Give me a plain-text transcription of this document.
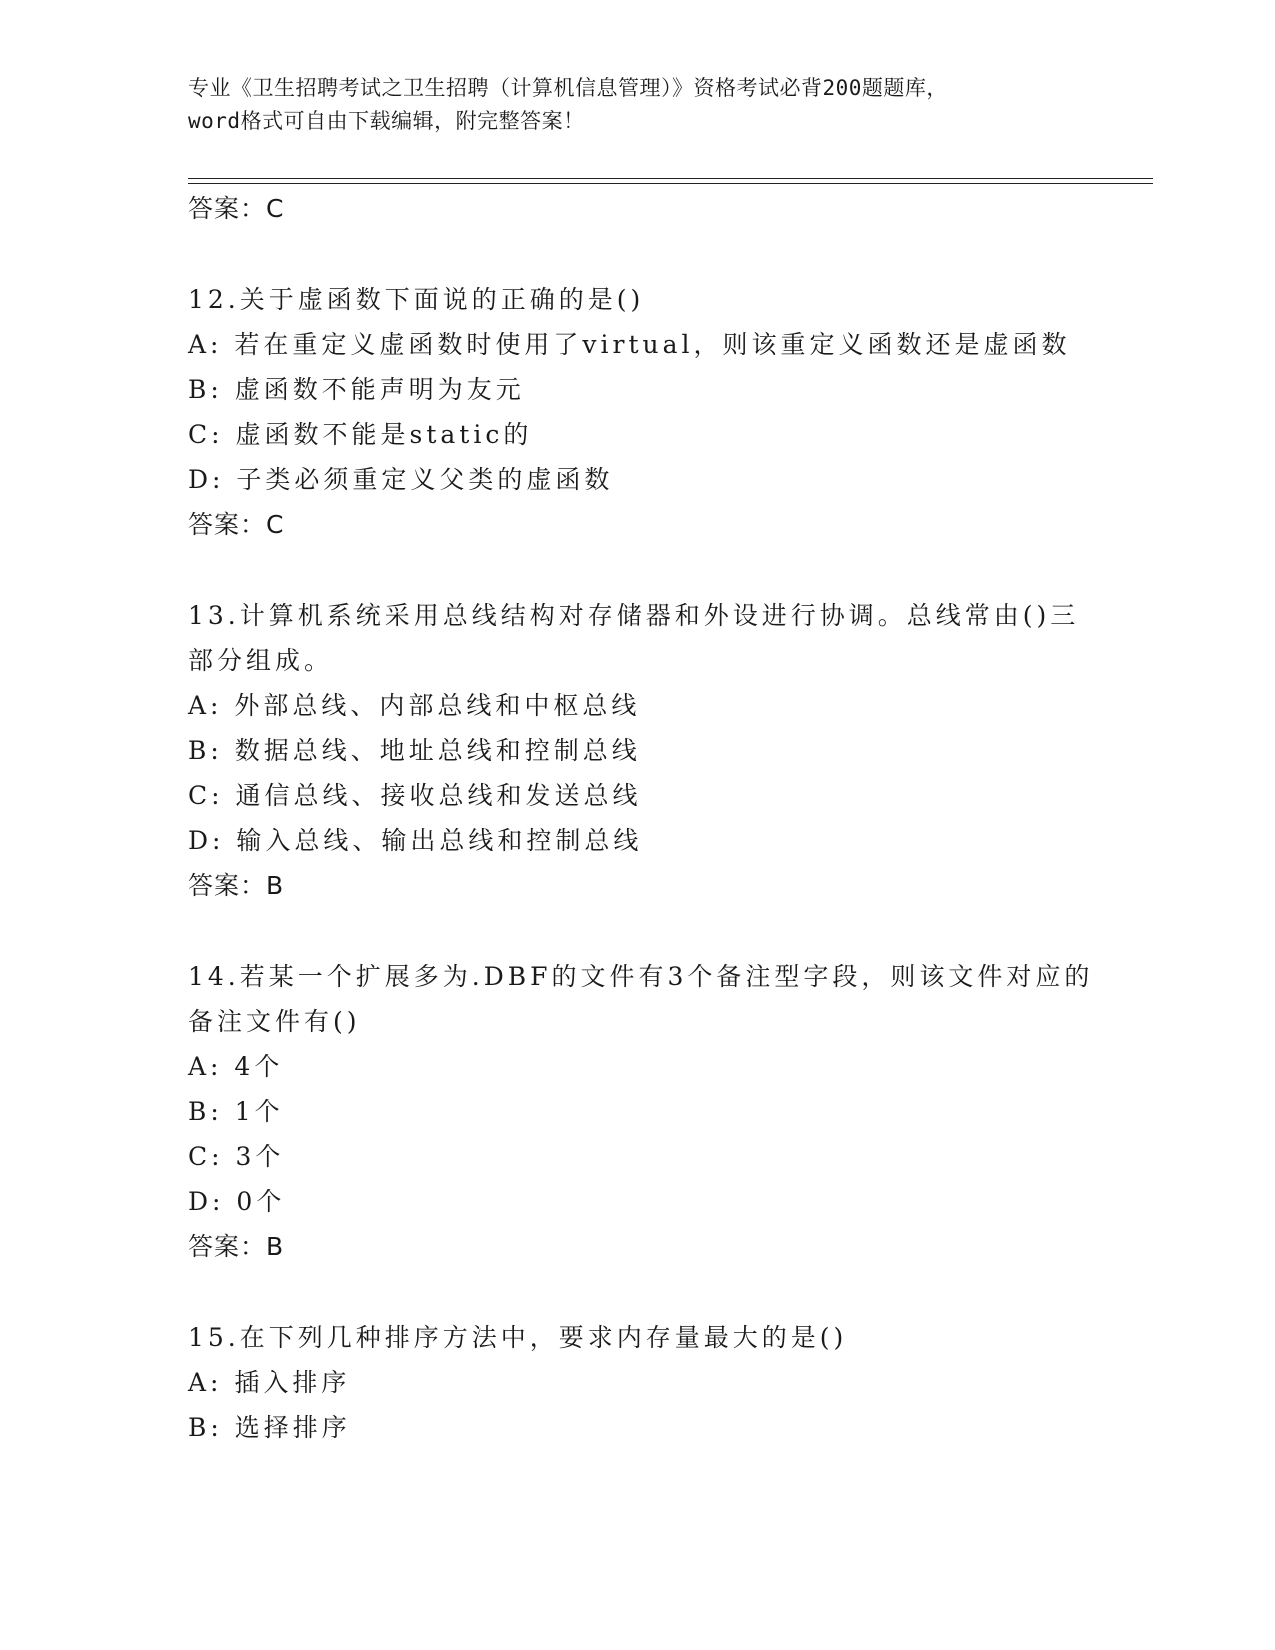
专业《卫生招聘考试之卫生招聘（计算机信息管理）》资格考试必背200题题库，
word格式可自由下载编辑，附完整答案！
答案：C
12.关于虚函数下面说的正确的是()
A: 若在重定义虚函数时使用了virtual，则该重定义函数还是虚函数
B: 虚函数不能声明为友元
C: 虚函数不能是static的
D: 子类必须重定义父类的虚函数
答案：C
13.计算机系统采用总线结构对存储器和外设进行协调。总线常由()三
部分组成。
A: 外部总线、内部总线和中枢总线
B: 数据总线、地址总线和控制总线
C: 通信总线、接收总线和发送总线
D: 输入总线、输出总线和控制总线
答案：B
14.若某一个扩展多为.DBF的文件有3个备注型字段，则该文件对应的
备注文件有()
A: 4个
B: 1个
C: 3个
D: 0个
答案：B
15.在下列几种排序方法中，要求内存量最大的是()
A: 插入排序
B: 选择排序
